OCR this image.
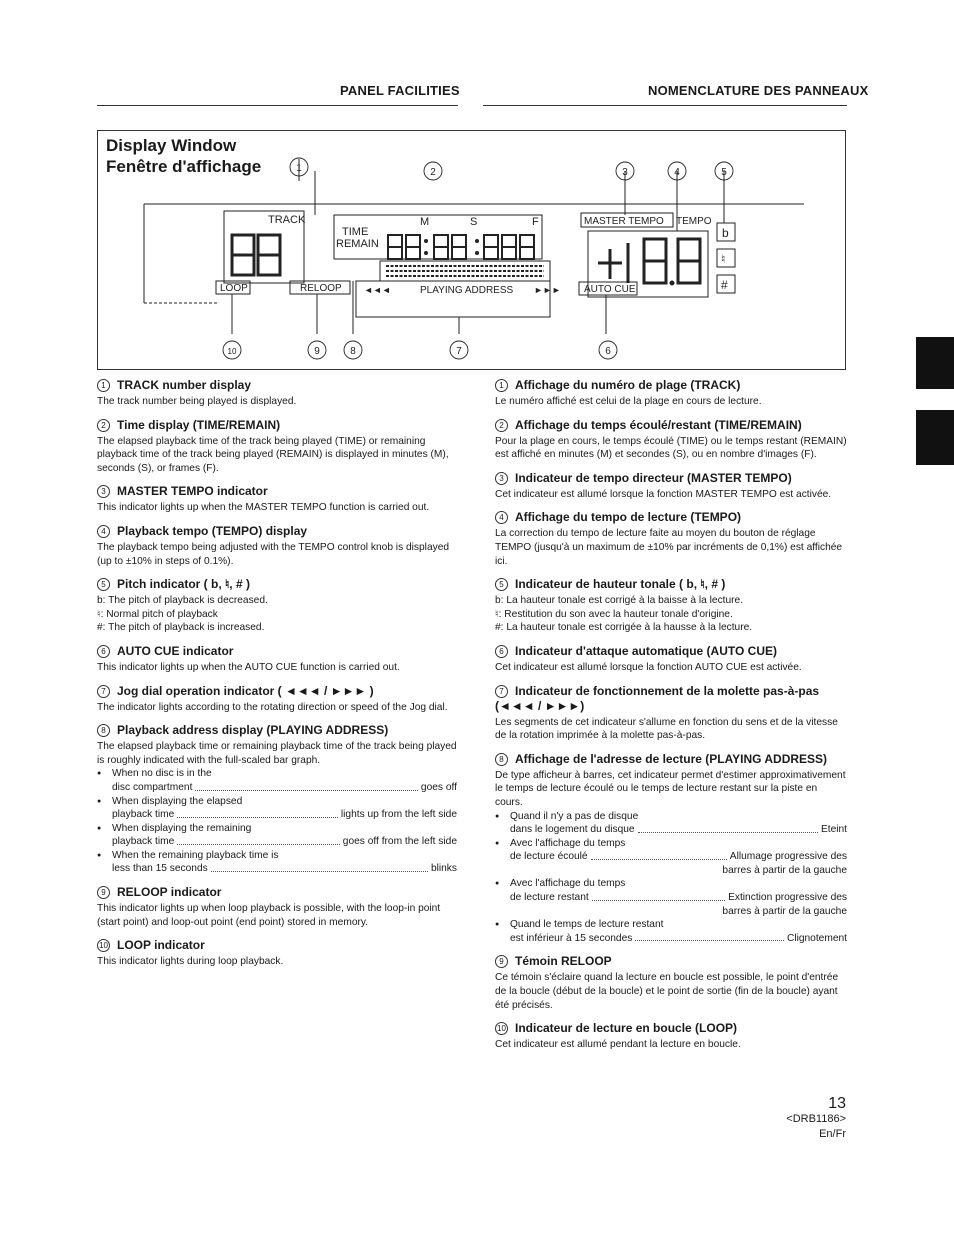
PANEL FACILITIES	NOMENCLATURE DES PANNEAUX
Display Window
Fenêtre d'affichage
TRACK
TIME
REMAIN
M	S	F
LOOP	RELOOP ◄◄◄	PLAYING ADDRESS ►►►
MASTER TEMPO TEMPO
AUTO CUE
b
♮
#
1	2	3	4	5
6
7
8
9
10
1 TRACK number display

The track number being played is displayed.

2 Time display (TIME/REMAIN)

The elapsed playback time of the track being played (TIME) or remaining playback time of the track being played (REMAIN) is displayed in minutes (M), seconds (S), or frames (F).

3 MASTER TEMPO indicator

This indicator lights up when the MASTER TEMPO function is carried out.

4 Playback tempo (TEMPO) display

The playback tempo being adjusted with the TEMPO control knob is displayed (up to ±10% in steps of 0.1%).

5 Pitch indicator ( b, ♮, # )

b: The pitch of playback is decreased.

♮: Normal pitch of playback

#: The pitch of playback is increased.

6 AUTO CUE indicator

This indicator lights up when the AUTO CUE function is carried out.

7 Jog dial operation indicator ( ◄◄◄ / ►►► )

The indicator lights according to the rotating direction or speed of the Jog dial.

8 Playback address display (PLAYING ADDRESS)

The elapsed playback time or remaining playback time of the track being played is roughly indicated with the full-scaled bar graph.

● When no disc is in the
disc compartment	goes off
● When displaying the elapsed
playback time	lights up from the left side
● When displaying the remaining
playback time	goes off from the left side
● When the remaining playback time is
less than 15 seconds	blinks
9 RELOOP indicator

This indicator lights up when loop playback is possible, with the loop-in point (start point) and loop-out point (end point) stored in memory.

10 LOOP indicator

This indicator lights during loop playback.

1 Affichage du numéro de plage (TRACK)

Le numéro affiché est celui de la plage en cours de lecture.

2 Affichage du temps écoulé/restant (TIME/REMAIN)

Pour la plage en cours, le temps écoulé (TIME) ou le temps restant (REMAIN) est affiché en minutes (M) et secondes (S), ou en nombre d'images (F).

3 Indicateur de tempo directeur (MASTER TEMPO)

Cet indicateur est allumé lorsque la fonction MASTER TEMPO est activée.

4 Affichage du tempo de lecture (TEMPO)

La correction du tempo de lecture faite au moyen du bouton de réglage TEMPO (jusqu'à un maximum de ±10% par incréments de 0,1%) est affichée ici.

5 Indicateur de hauteur tonale ( b, ♮, # )

b: La hauteur tonale est corrigé à la baisse à la lecture.

♮: Restitution du son avec la hauteur tonale d'origine.

#: La hauteur tonale est corrigée à la hausse à la lecture.

6 Indicateur d'attaque automatique (AUTO CUE)

Cet indicateur est allumé lorsque la fonction AUTO CUE est activée.

7 Indicateur de fonctionnement de la molette pas-à-pas (◄◄◄ / ►►►)

Les segments de cet indicateur s'allume en fonction du sens et de la vitesse de la rotation imprimée à la molette pas-à-pas.

8 Affichage de l'adresse de lecture (PLAYING ADDRESS)

De type afficheur à barres, cet indicateur permet d'estimer approximativement le temps de lecture écoulé ou le temps de lecture restant sur la piste en cours.

● Quand il n'y a pas de disque
dans le logement du disque	Eteint
● Avec l'affichage du temps
de lecture écoulé	Allumage progressive des
barres à partir de la gauche
● Avec l'affichage du temps
de lecture restant	Extinction progressive des
barres à partir de la gauche
● Quand le temps de lecture restant
est inférieur à 15 secondes	Clignotement
9 Témoin RELOOP

Ce témoin s'éclaire quand la lecture en boucle est possible, le point d'entrée de la boucle (début de la boucle) et le point de sortie (fin de la boucle) ayant été précisés.

10 Indicateur de lecture en boucle (LOOP)

Cet indicateur est allumé pendant la lecture en boucle.

13
<DRB1186>
En/Fr
